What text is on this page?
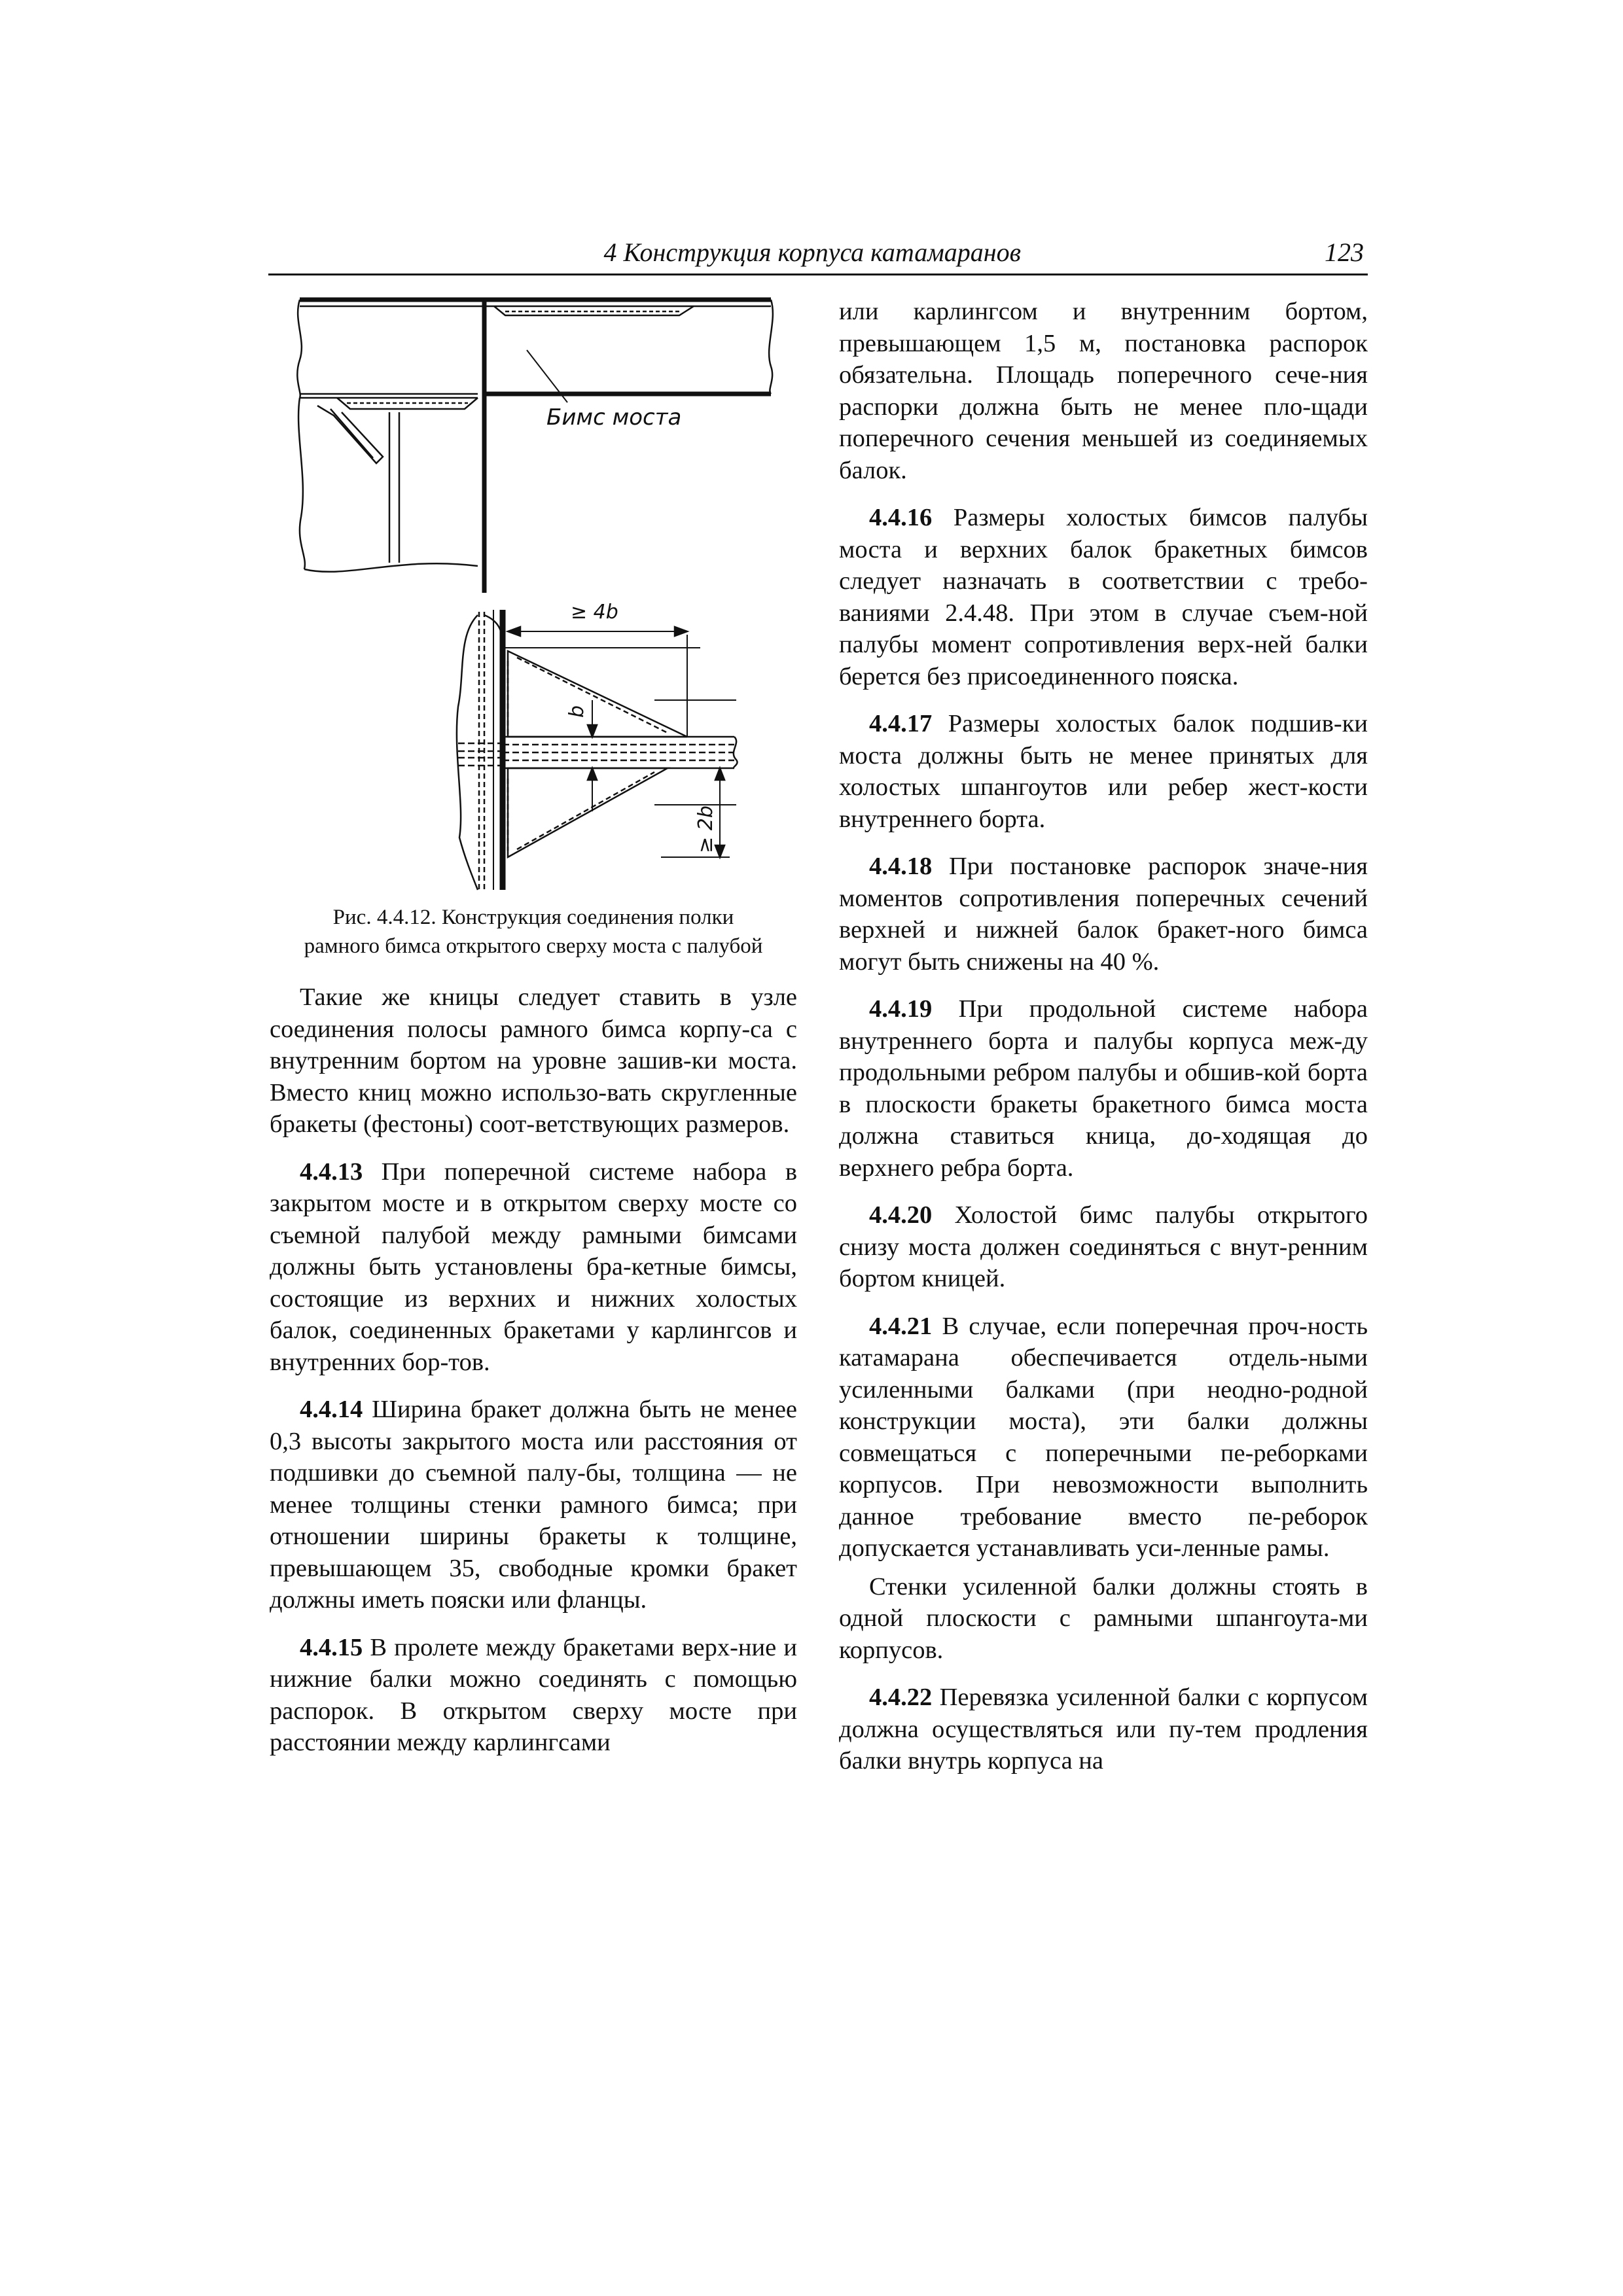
4 Конструкция корпуса катамаранов	123
Бимс моста
≥ 4b
b
≥ 2b
Рис. 4.4.12. Конструкция соединения полки
рамного бимса открытого сверху моста с палубой

Такие же кницы следует ставить в узле соединения полосы рамного бимса корпу-са с внутренним бортом на уровне зашив-ки моста. Вместо книц можно использо-вать скругленные бракеты (фестоны) соот-ветствующих размеров.

4.4.13 При поперечной системе набора в закрытом мосте и в открытом сверху мосте со съемной палубой между рамными бимсами должны быть установлены бра-кетные бимсы, состоящие из верхних и нижних холостых балок, соединенных бракетами у карлингсов и внутренних бор-тов.

4.4.14 Ширина бракет должна быть не менее 0,3 высоты закрытого моста или расстояния от подшивки до съемной палу-бы, толщина — не менее толщины стенки рамного бимса; при отношении ширины бракеты к толщине, превышающем 35, свободные кромки бракет должны иметь пояски или фланцы.

4.4.15 В пролете между бракетами верх-ние и нижние балки можно соединять с помощью распорок. В открытом сверху мосте при расстоянии между карлингсами

или карлингсом и внутренним бортом, превышающем 1,5 м, постановка распорок обязательна. Площадь поперечного сече-ния распорки должна быть не менее пло-щади поперечного сечения меньшей из соединяемых балок.

4.4.16 Размеры холостых бимсов палубы моста и верхних балок бракетных бимсов следует назначать в соответствии с требо-ваниями 2.4.48. При этом в случае съем-ной палубы момент сопротивления верх-ней балки берется без присоединенного пояска.

4.4.17 Размеры холостых балок подшив-ки моста должны быть не менее принятых для холостых шпангоутов или ребер жест-кости внутреннего борта.

4.4.18 При постановке распорок значе-ния моментов сопротивления поперечных сечений верхней и нижней балок бракет-ного бимса могут быть снижены на 40 %.

4.4.19 При продольной системе набора внутреннего борта и палубы корпуса меж-ду продольными ребром палубы и обшив-кой борта в плоскости бракеты бракетного бимса моста должна ставиться кница, до-ходящая до верхнего ребра борта.

4.4.20 Холостой бимс палубы открытого снизу моста должен соединяться с внут-ренним бортом кницей.

4.4.21 В случае, если поперечная проч-ность катамарана обеспечивается отдель-ными усиленными балками (при неодно-родной конструкции моста), эти балки должны совмещаться с поперечными пе-реборками корпусов. При невозможности выполнить данное требование вместо пе-реборок допускается устанавливать уси-ленные рамы.

Стенки усиленной балки должны стоять в одной плоскости с рамными шпангоута-ми корпусов.

4.4.22 Перевязка усиленной балки с корпусом должна осуществляться или пу-тем продления балки внутрь корпуса на
